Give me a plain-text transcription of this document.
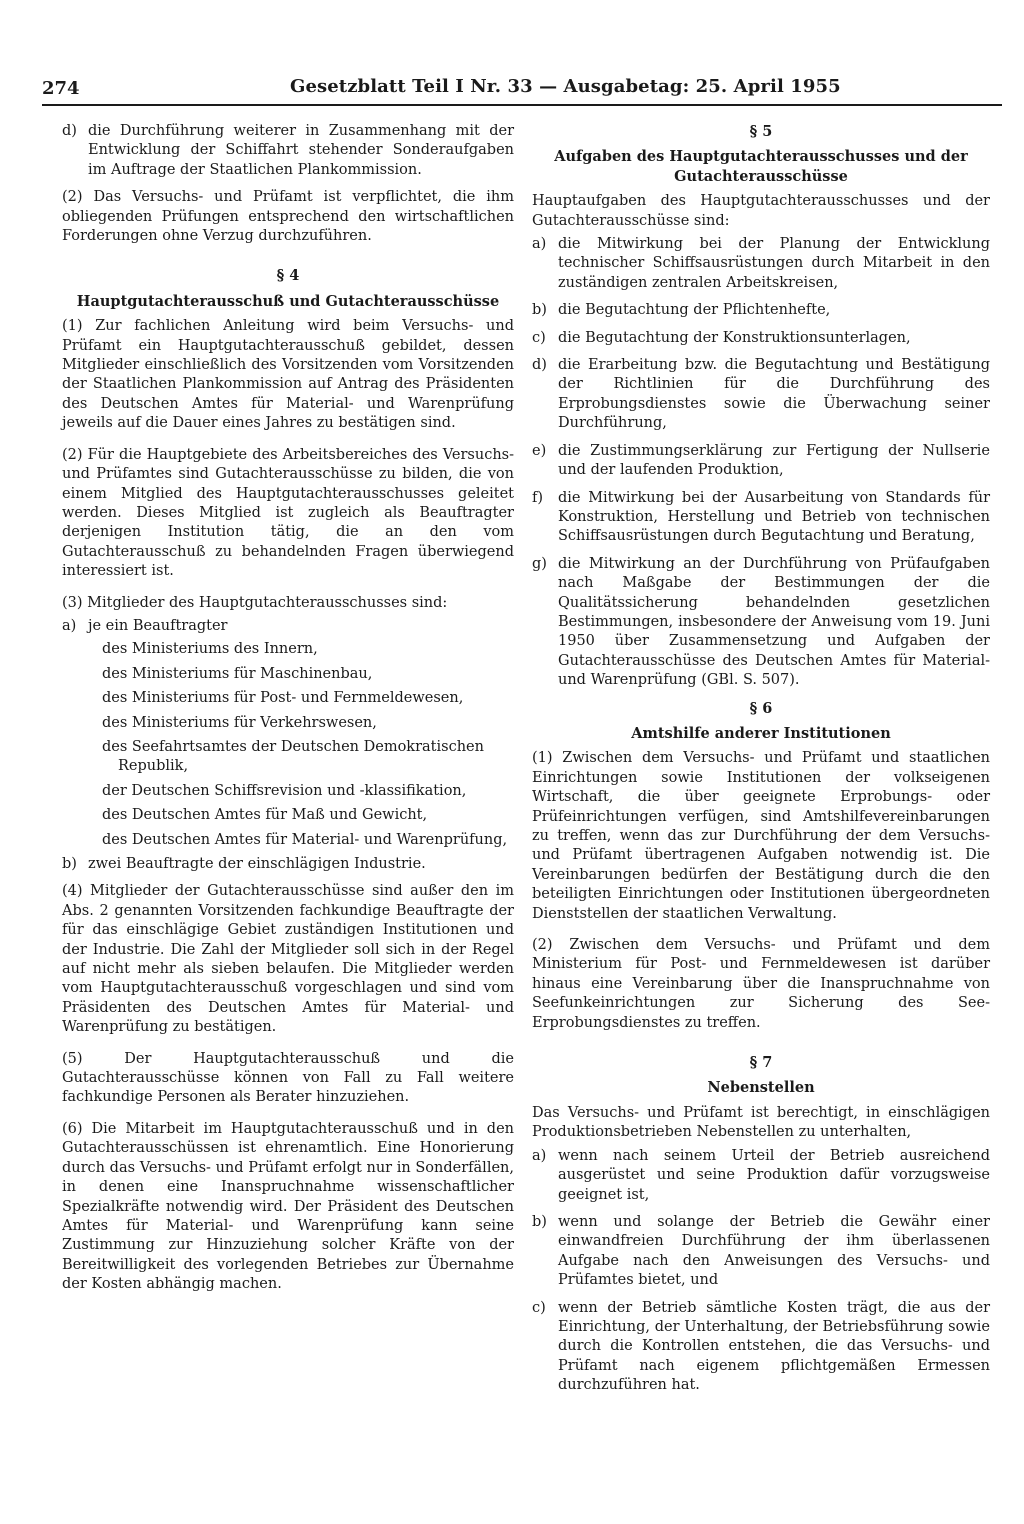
274	Gesetzblatt Teil I Nr. 33 — Ausgabetag: 25. April 1955
d) die Durchführung weiterer in Zusammenhang mit der Entwicklung der Schiffahrt stehender Sonderaufgaben im Auftrage der Staatlichen Plankommission.

(2) Das Versuchs- und Prüfamt ist verpflichtet, die ihm obliegenden Prüfungen entsprechend den wirtschaftlichen Forderungen ohne Verzug durchzuführen.

§ 4
Hauptgutachterausschuß und Gutachterausschüsse

(1) Zur fachlichen Anleitung wird beim Versuchs- und Prüfamt ein Hauptgutachterausschuß gebildet, dessen Mitglieder einschließlich des Vorsitzenden vom Vorsitzenden der Staatlichen Plankommission auf Antrag des Präsidenten des Deutschen Amtes für Material- und Warenprüfung jeweils auf die Dauer eines Jahres zu bestätigen sind.

(2) Für die Hauptgebiete des Arbeitsbereiches des Versuchs- und Prüfamtes sind Gutachterausschüsse zu bilden, die von einem Mitglied des Hauptgutachterausschusses geleitet werden. Dieses Mitglied ist zugleich als Beauftragter derjenigen Institution tätig, die an den vom Gutachterausschuß zu behandelnden Fragen überwiegend interessiert ist.

(3) Mitglieder des Hauptgutachterausschusses sind:

a) je ein Beauftragter
des Ministeriums des Innern,
des Ministeriums für Maschinenbau,
des Ministeriums für Post- und Fernmeldewesen,
des Ministeriums für Verkehrswesen,
des Seefahrtsamtes der Deutschen Demokratischen Republik,
der Deutschen Schiffsrevision und -klassifikation,
des Deutschen Amtes für Maß und Gewicht,
des Deutschen Amtes für Material- und Warenprüfung,
b) zwei Beauftragte der einschlägigen Industrie.

(4) Mitglieder der Gutachterausschüsse sind außer den im Abs. 2 genannten Vorsitzenden fachkundige Beauftragte der für das einschlägige Gebiet zuständigen Institutionen und der Industrie. Die Zahl der Mitglieder soll sich in der Regel auf nicht mehr als sieben belaufen. Die Mitglieder werden vom Hauptgutachterausschuß vorgeschlagen und sind vom Präsidenten des Deutschen Amtes für Material- und Warenprüfung zu bestätigen.

(5) Der Hauptgutachterausschuß und die Gutachterausschüsse können von Fall zu Fall weitere fachkundige Personen als Berater hinzuziehen.

(6) Die Mitarbeit im Hauptgutachterausschuß und in den Gutachterausschüssen ist ehrenamtlich. Eine Honorierung durch das Versuchs- und Prüfamt erfolgt nur in Sonderfällen, in denen eine Inanspruchnahme wissenschaftlicher Spezialkräfte notwendig wird. Der Präsident des Deutschen Amtes für Material- und Warenprüfung kann seine Zustimmung zur Hinzuziehung solcher Kräfte von der Bereitwilligkeit des vorlegenden Betriebes zur Übernahme der Kosten abhängig machen.

§ 5
Aufgaben des Hauptgutachterausschusses und der Gutachterausschüsse

Hauptaufgaben des Hauptgutachterausschusses und der Gutachterausschüsse sind:

a) die Mitwirkung bei der Planung der Entwicklung technischer Schiffsausrüstungen durch Mitarbeit in den zuständigen zentralen Arbeitskreisen,
b) die Begutachtung der Pflichtenhefte,
c) die Begutachtung der Konstruktionsunterlagen,
d) die Erarbeitung bzw. die Begutachtung und Bestätigung der Richtlinien für die Durchführung des Erprobungsdienstes sowie die Überwachung seiner Durchführung,
e) die Zustimmungserklärung zur Fertigung der Nullserie und der laufenden Produktion,
f)	die Mitwirkung bei der Ausarbeitung von Standards für Konstruktion, Herstellung und Betrieb von technischen Schiffsausrüstungen durch Begutachtung und Beratung,
g) die Mitwirkung an der Durchführung von Prüfaufgaben nach Maßgabe der Bestimmungen der die Qualitätssicherung behandelnden gesetzlichen Bestimmungen, insbesondere der Anweisung vom 19. Juni 1950 über Zusammensetzung und Aufgaben der Gutachterausschüsse des Deutschen Amtes für Material- und Warenprüfung (GBl. S. 507).
§ 6
Amtshilfe anderer Institutionen

(1) Zwischen dem Versuchs- und Prüfamt und staatlichen Einrichtungen sowie Institutionen der volkseigenen Wirtschaft, die über geeignete Erprobungs- oder Prüfeinrichtungen verfügen, sind Amtshilfevereinbarungen zu treffen, wenn das zur Durchführung der dem Versuchs- und Prüfamt übertragenen Aufgaben notwendig ist. Die Vereinbarungen bedürfen der Bestätigung durch die den beteiligten Einrichtungen oder Institutionen übergeordneten Dienststellen der staatlichen Verwaltung.

(2) Zwischen dem Versuchs- und Prüfamt und dem Ministerium für Post- und Fernmeldewesen ist darüber hinaus eine Vereinbarung über die Inanspruchnahme von Seefunkeinrichtungen zur Sicherung des See-Erprobungsdienstes zu treffen.

§ 7
Nebenstellen

Das Versuchs- und Prüfamt ist berechtigt, in einschlägigen Produktionsbetrieben Nebenstellen zu unterhalten,

a) wenn nach seinem Urteil der Betrieb ausreichend ausgerüstet und seine Produktion dafür vorzugsweise geeignet ist,
b) wenn und solange der Betrieb die Gewähr einer einwandfreien Durchführung der ihm überlassenen Aufgabe nach den Anweisungen des Versuchs- und Prüfamtes bietet, und
c) wenn der Betrieb sämtliche Kosten trägt, die aus der Einrichtung, der Unterhaltung, der Betriebsführung sowie durch die Kontrollen entstehen, die das Versuchs- und Prüfamt nach eigenem pflichtgemäßen Ermessen durchzuführen hat.
